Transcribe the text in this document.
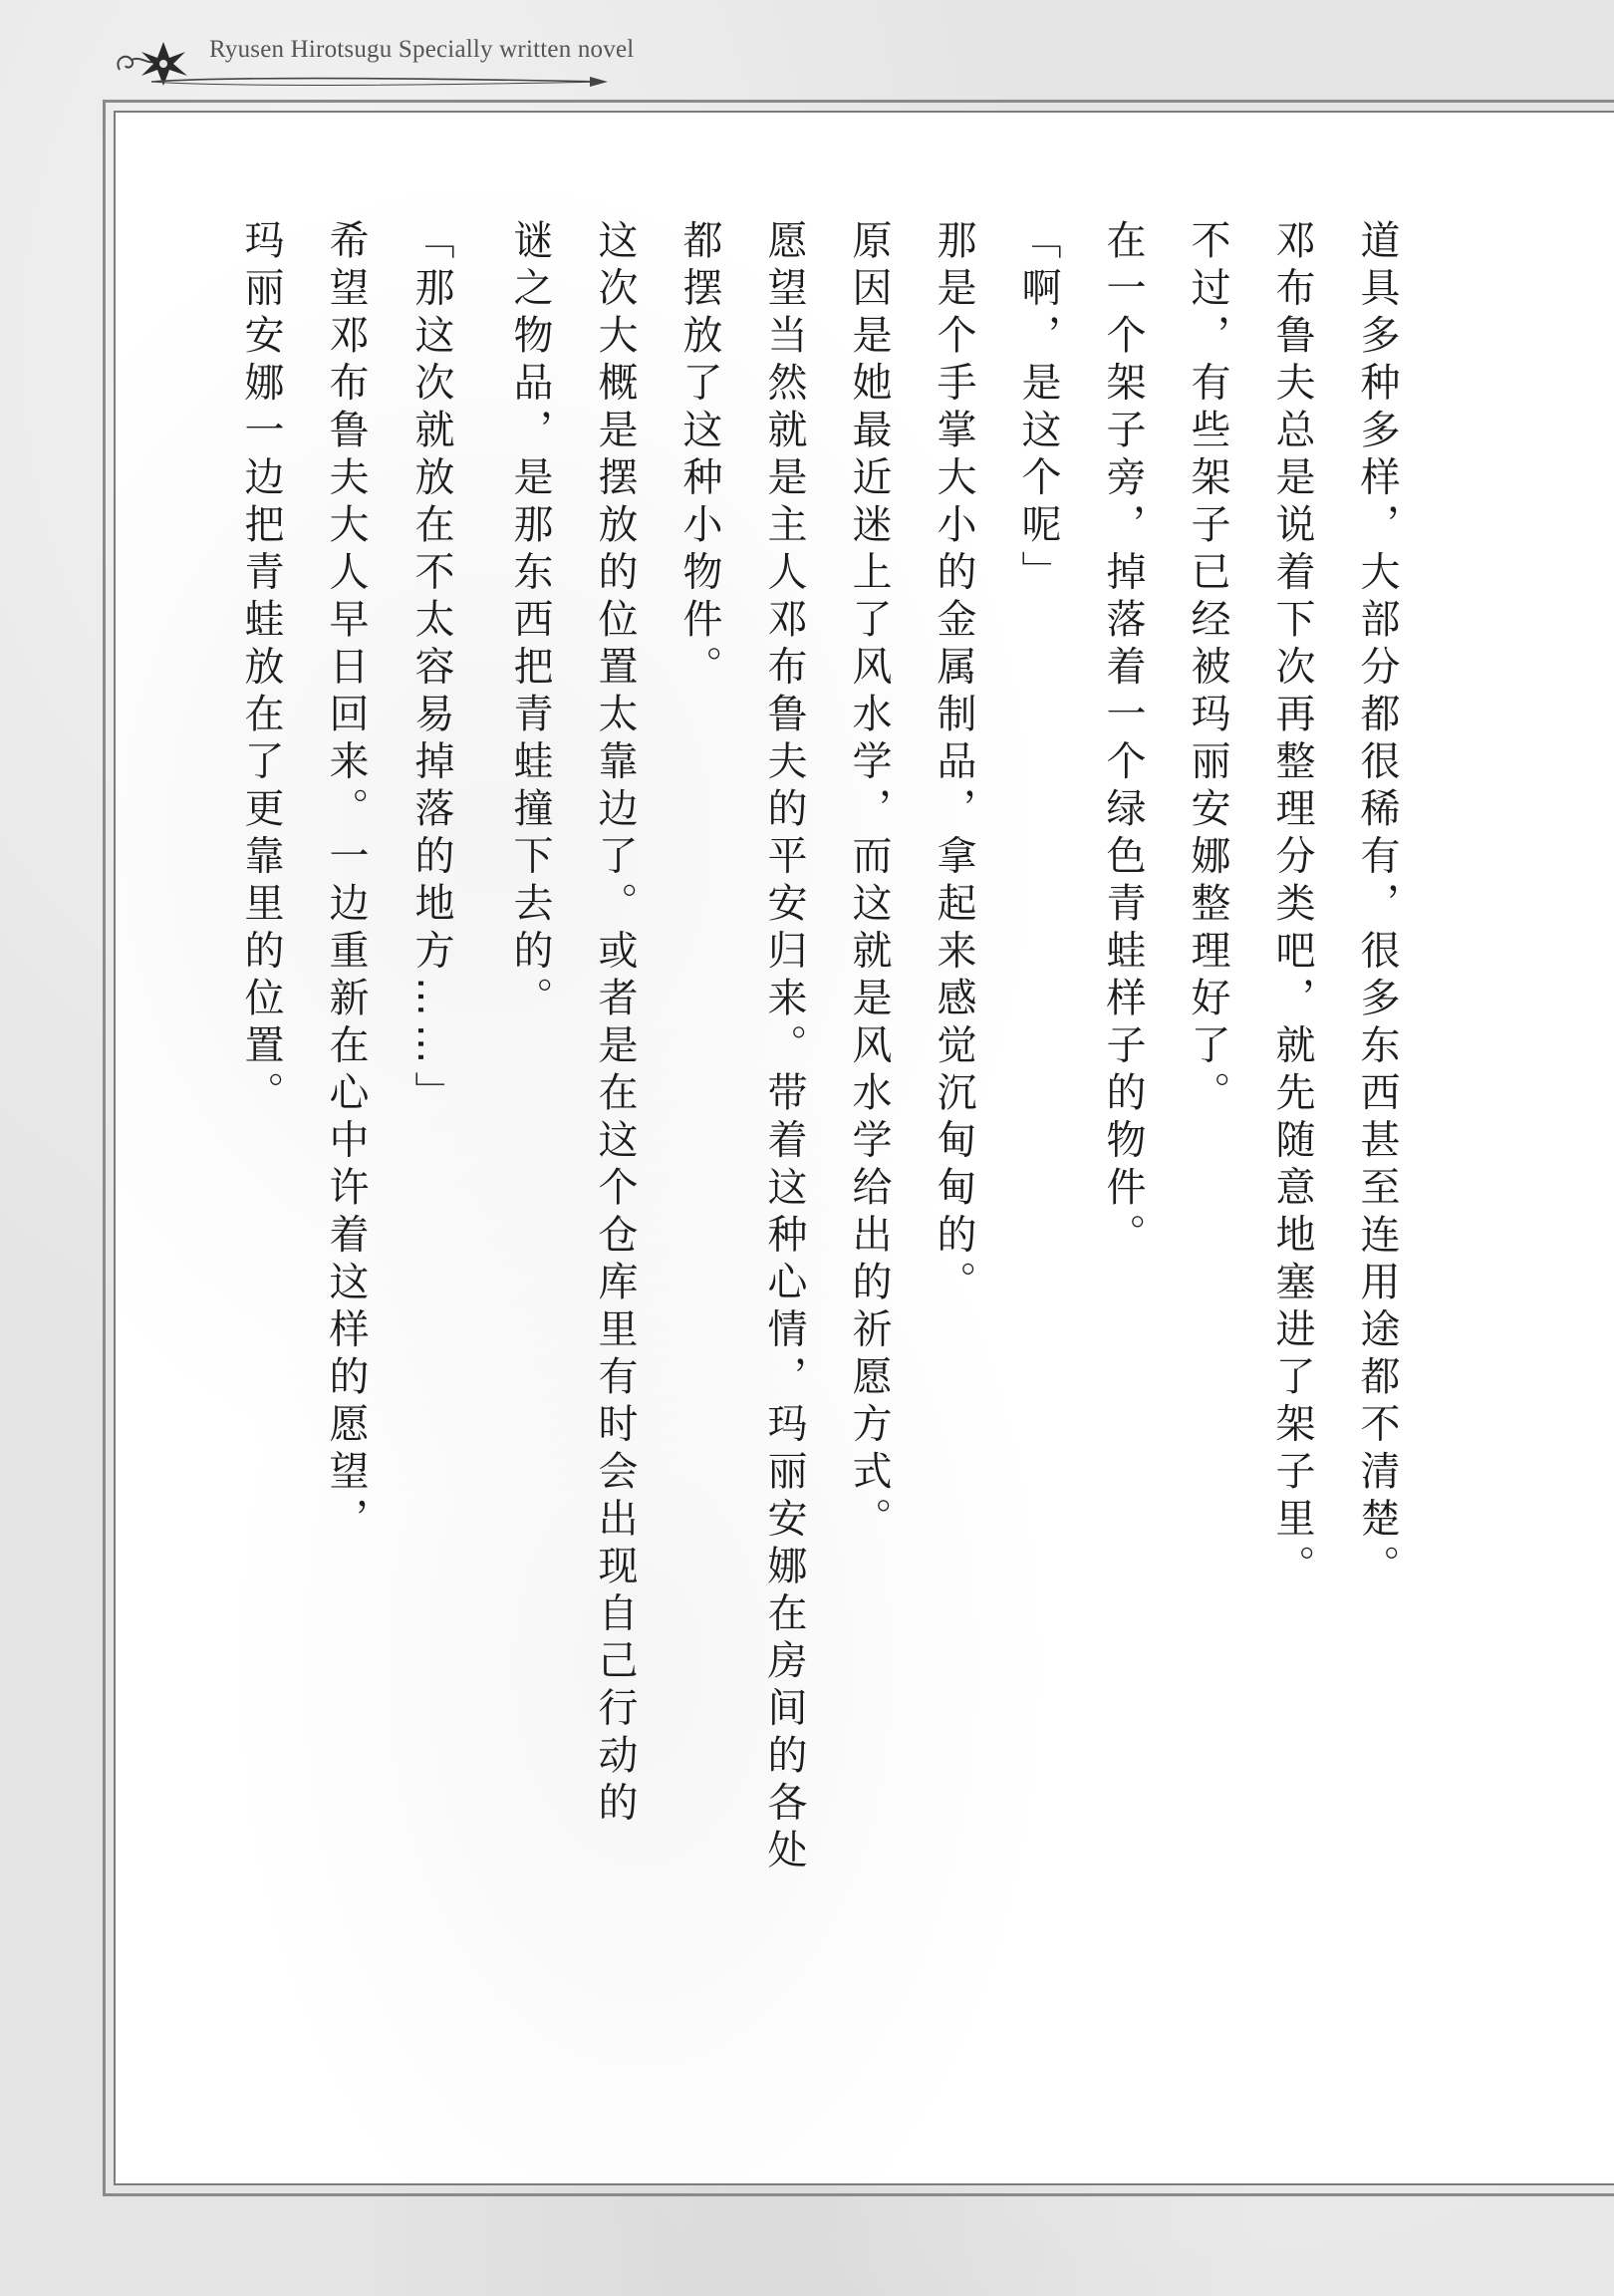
Ryusen Hirotsugu Specially written novel
道具多种多样，大部分都很稀有，很多东西甚至连用途都不清楚。
邓布鲁夫总是说着下次再整理分类吧，就先随意地塞进了架子里。
不过，有些架子已经被玛丽安娜整理好了。
在一个架子旁，掉落着一个绿色青蛙样子的物件。
「啊，是这个呢」
那是个手掌大小的金属制品，拿起来感觉沉甸甸的。
原因是她最近迷上了风水学，而这就是风水学给出的祈愿方式。
愿望当然就是主人邓布鲁夫的平安归来。带着这种心情，玛丽安娜在房间的各处
都摆放了这种小物件。
这次大概是摆放的位置太靠边了。或者是在这个仓库里有时会出现自己行动的
谜之物品，是那东西把青蛙撞下去的。
「那这次就放在不太容易掉落的地方……」
希望邓布鲁夫大人早日回来。一边重新在心中许着这样的愿望，
玛丽安娜一边把青蛙放在了更靠里的位置。
